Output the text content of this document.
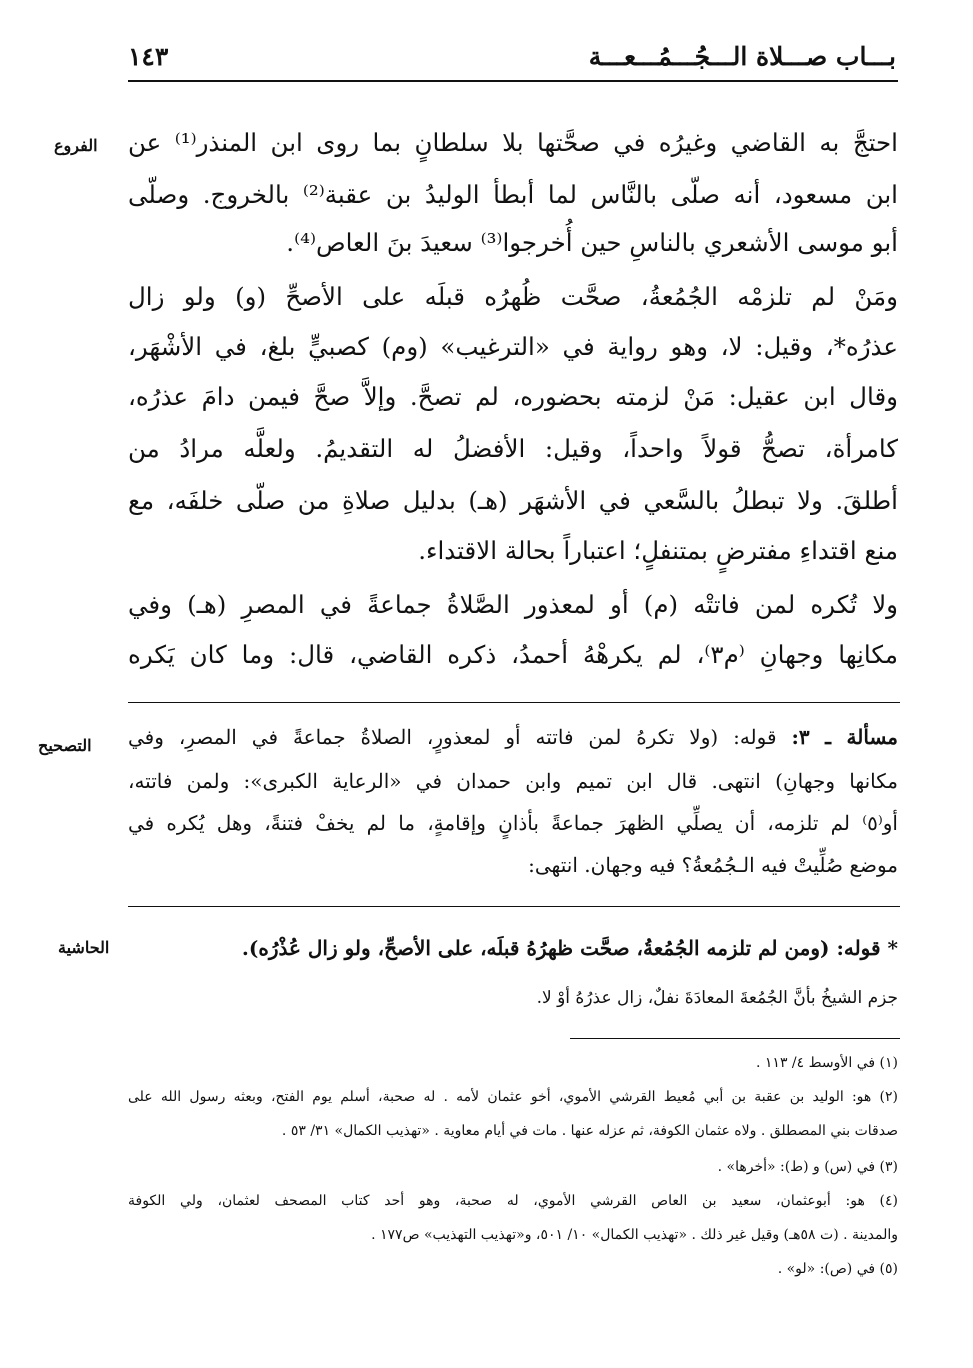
بـــاب صـــلاة الـــجُـــمُـــعـــة
١٤٣
الفروع
التصحيح
الحاشية
احتجَّ به القاضي وغيرُه في صحَّتها بلا سلطانٍ بما روى ابن المنذر⁽¹⁾ عن
ابن مسعود، أنه صلّى بالنَّاس لما أبطأ الوليدُ بن عقبة⁽²⁾ بالخروج. وصلّى
أبو موسى الأشعري بالناسِ حين أُخرجوا⁽³⁾ سعيدَ بنَ العاص⁽⁴⁾.
ومَنْ لم تلزمْه الجُمُعةُ، صحَّت ظُهرُه قبلَه على الأصحِّ (و) ولو زال
عذرُه*، وقيل: لا، وهو رواية في «الترغيب» (وم) كصبيٍّ بلغ، في الأشْهَر،
وقال ابن عقيل: مَنْ لزمته بحضوره، لم تصحَّ. وإلاَّ صحَّ فيمن دامَ عذرُه،
كامرأة، تصحُّ قولاً واحداً، وقيل: الأفضلُ له التقديمُ. ولعلَّه مرادُ من
أطلقَ. ولا تبطلُ بالسَّعي في الأشهَر (هـ) بدليل صلاةِ من صلّى خلفَه، مع
منع اقتداءِ مفترضٍ بمتنفلٍ؛ اعتباراً بحالة الاقتداء.
ولا تُكره لمن فاتتْه (م) أو لمعذور الصَّلاةُ جماعةً في المصرِ (هـ) وفي
مكانِها وجهانِ ⁽م٣⁾، لم يكرهْهُ أحمدُ، ذكره القاضي، قال: وما كان يَكره
مسألة ـ ٣: قوله: (ولا تكرهُ لمن فاتته أو لمعذورٍ، الصلاةُ جماعةً في المصرِ، وفي
مكانها وجهانِ) انتهى. قال ابن تميم وابن حمدان في «الرعاية الكبرى»: ولمن فاتته،
أو⁽٥⁾ لم تلزمه، أن يصلِّي الظهرَ جماعةً بأذانٍ وإقامةٍ، ما لم يخفْ فتنةً، وهل يُكره في
موضع صُلِّيتْ فيه الـجُمُعةُ؟ فيه وجهان. انتهى:
* قوله: (ومن لم تلزمه الجُمُعةُ، صحَّت ظهرُهُ قبلَه، على الأصحِّ، ولو زال عُذْرُه).
جزم الشيخُ بأنَّ الجُمُعةَ المعادَةَ نفلٌ، زال عذرُهُ أوْ لا.
(١) في الأوسط ٤/ ١١٣ .
(٢) هو: الوليد بن عقبة بن أبي مُعيط القرشي الأموي، أخو عثمان لأمه . له صحبة، أسلم يوم الفتح، وبعثه رسول الله على
صدقات بني المصطلق . ولاه عثمان الكوفة، ثم عزله عنها . مات في أيام معاوية . «تهذيب الكمال» ٣١/ ٥٣ .
(٣) في (س) و (ط): «أخرها» .
(٤) هو: أبوعثمان، سعيد بن العاص القرشي الأموي، له صحبة، وهو أحد كتاب المصحف لعثمان، ولي الكوفة
والمدينة . (ت ٥٨هـ) وقيل غير ذلك . «تهذيب الكمال» ١٠/ ٥٠١، و«تهذيب التهذيب» ص١٧٧ .
(٥) في (ص): «لو» .
